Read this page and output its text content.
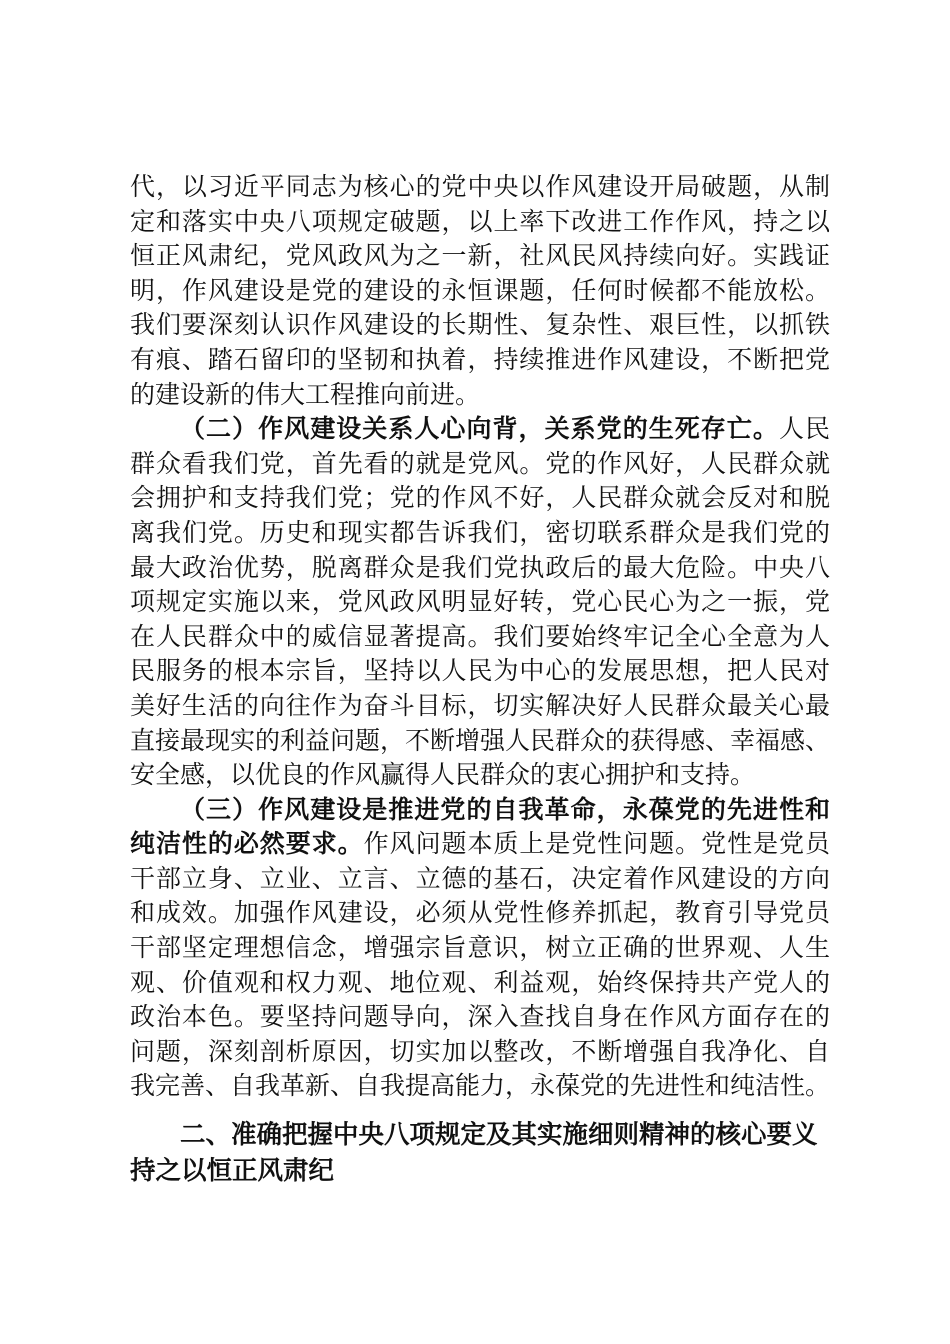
代，以习近平同志为核心的党中央以作风建设开局破题，从制
定和落实中央八项规定破题，以上率下改进工作作风，持之以
恒正风肃纪，党风政风为之一新，社风民风持续向好。实践证
明，作风建设是党的建设的永恒课题，任何时候都不能放松。
我们要深刻认识作风建设的长期性、复杂性、艰巨性，以抓铁
有痕、踏石留印的坚韧和执着，持续推进作风建设，不断把党
的建设新的伟大工程推向前进。
（二）作风建设关系人心向背，关系党的生死存亡。人民
群众看我们党，首先看的就是党风。党的作风好，人民群众就
会拥护和支持我们党；党的作风不好，人民群众就会反对和脱
离我们党。历史和现实都告诉我们，密切联系群众是我们党的
最大政治优势，脱离群众是我们党执政后的最大危险。中央八
项规定实施以来，党风政风明显好转，党心民心为之一振，党
在人民群众中的威信显著提高。我们要始终牢记全心全意为人
民服务的根本宗旨，坚持以人民为中心的发展思想，把人民对
美好生活的向往作为奋斗目标，切实解决好人民群众最关心最
直接最现实的利益问题，不断增强人民群众的获得感、幸福感、
安全感，以优良的作风赢得人民群众的衷心拥护和支持。
（三）作风建设是推进党的自我革命，永葆党的先进性和
纯洁性的必然要求。作风问题本质上是党性问题。党性是党员
干部立身、立业、立言、立德的基石，决定着作风建设的方向
和成效。加强作风建设，必须从党性修养抓起，教育引导党员
干部坚定理想信念，增强宗旨意识，树立正确的世界观、人生
观、价值观和权力观、地位观、利益观，始终保持共产党人的
政治本色。要坚持问题导向，深入查找自身在作风方面存在的
问题，深刻剖析原因，切实加以整改，不断增强自我净化、自
我完善、自我革新、自我提高能力，永葆党的先进性和纯洁性。
二、准确把握中央八项规定及其实施细则精神的核心要义
持之以恒正风肃纪
